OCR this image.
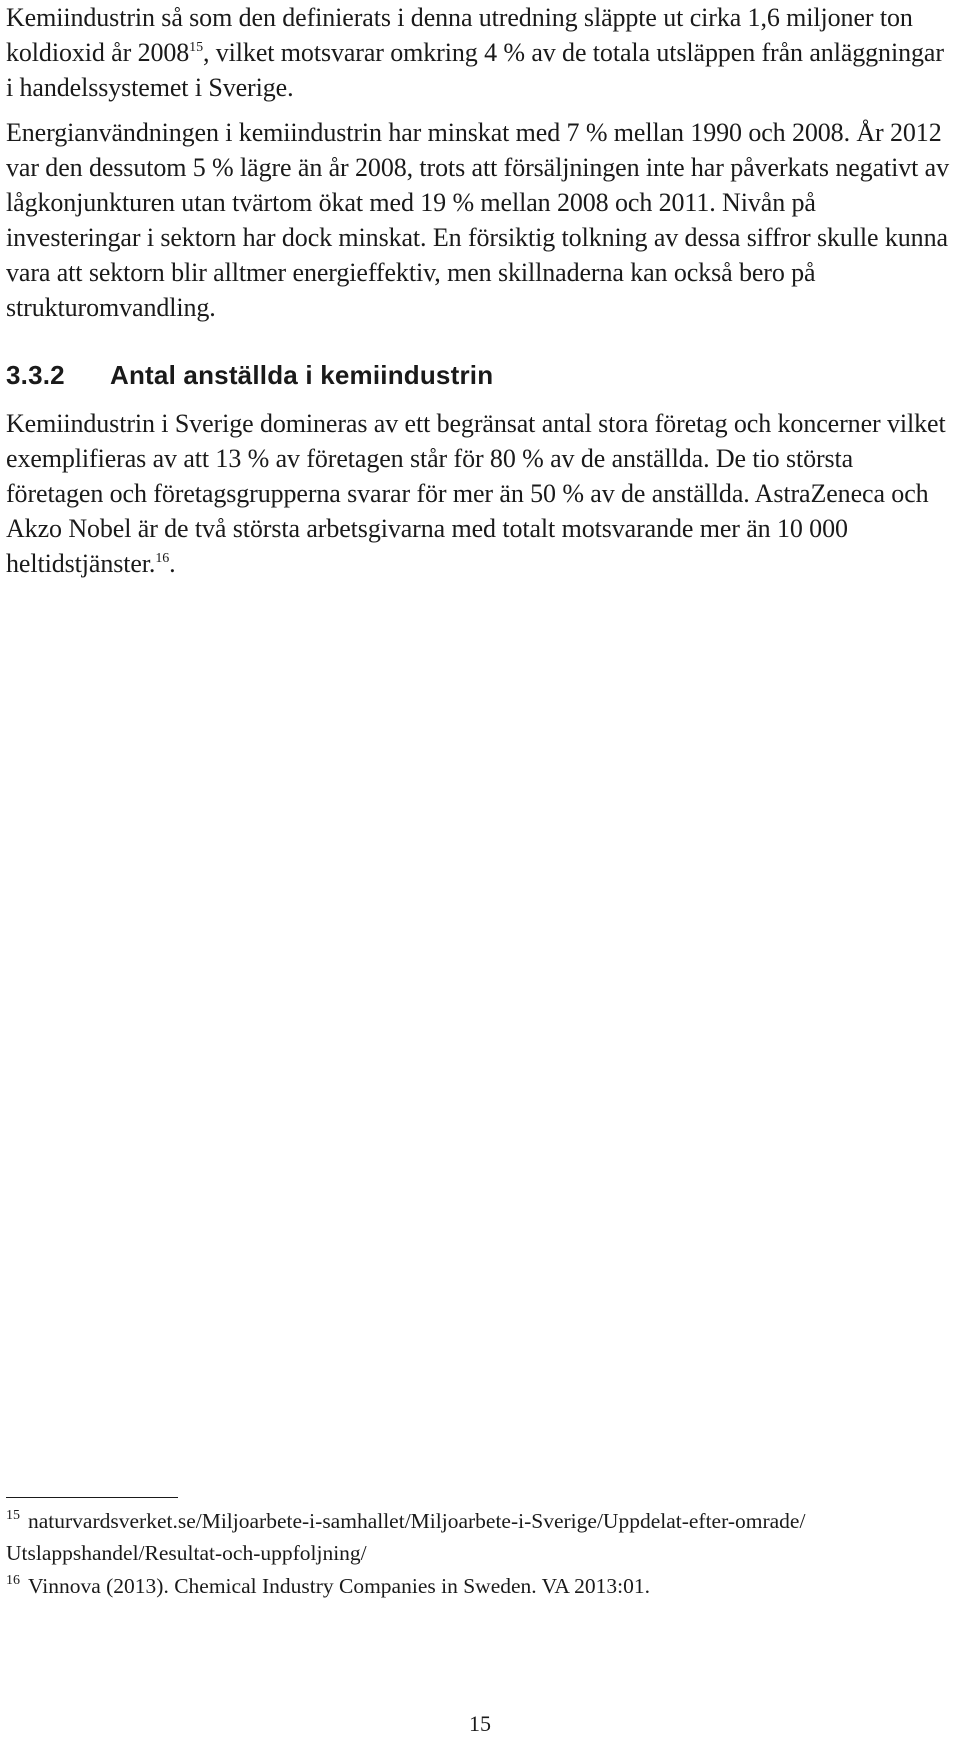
Kemiindustrin så som den definierats i denna utredning släppte ut cirka 1,6 miljoner ton koldioxid år 2008$^{15}$, vilket motsvarar omkring 4 % av de totala utsläppen från anläggningar i handelssystemet i Sverige.

Energianvändningen i kemiindustrin har minskat med 7 % mellan 1990 och 2008. År 2012 var den dessutom 5 % lägre än år 2008, trots att försäljningen inte har påverkats negativt av lågkonjunkturen utan tvärtom ökat med 19 % mellan 2008 och 2011. Nivån på investeringar i sektorn har dock minskat. En försiktig tolkning av dessa siffror skulle kunna vara att sektorn blir alltmer energieffektiv, men skillnaderna kan också bero på strukturomvandling.

3.3.2 Antal anställda i kemiindustrin

Kemiindustrin i Sverige domineras av ett begränsat antal stora företag och koncerner vilket exemplifieras av att 13 % av företagen står för 80 % av de anställda. De tio största företagen och företagsgrupperna svarar för mer än 50 % av de anställda. AstraZeneca och Akzo Nobel är de två största arbetsgivarna med totalt motsvarande mer än 10 000 heltidstjänster.$^{16}$.

15 naturvardsverket.se/Miljoarbete-i-samhallet/Miljoarbete-i-Sverige/Uppdelat-efter-omrade/
Utslappshandel/Resultat-och-uppfoljning/
16 Vinnova (2013). Chemical Industry Companies in Sweden. VA 2013:01.

15
